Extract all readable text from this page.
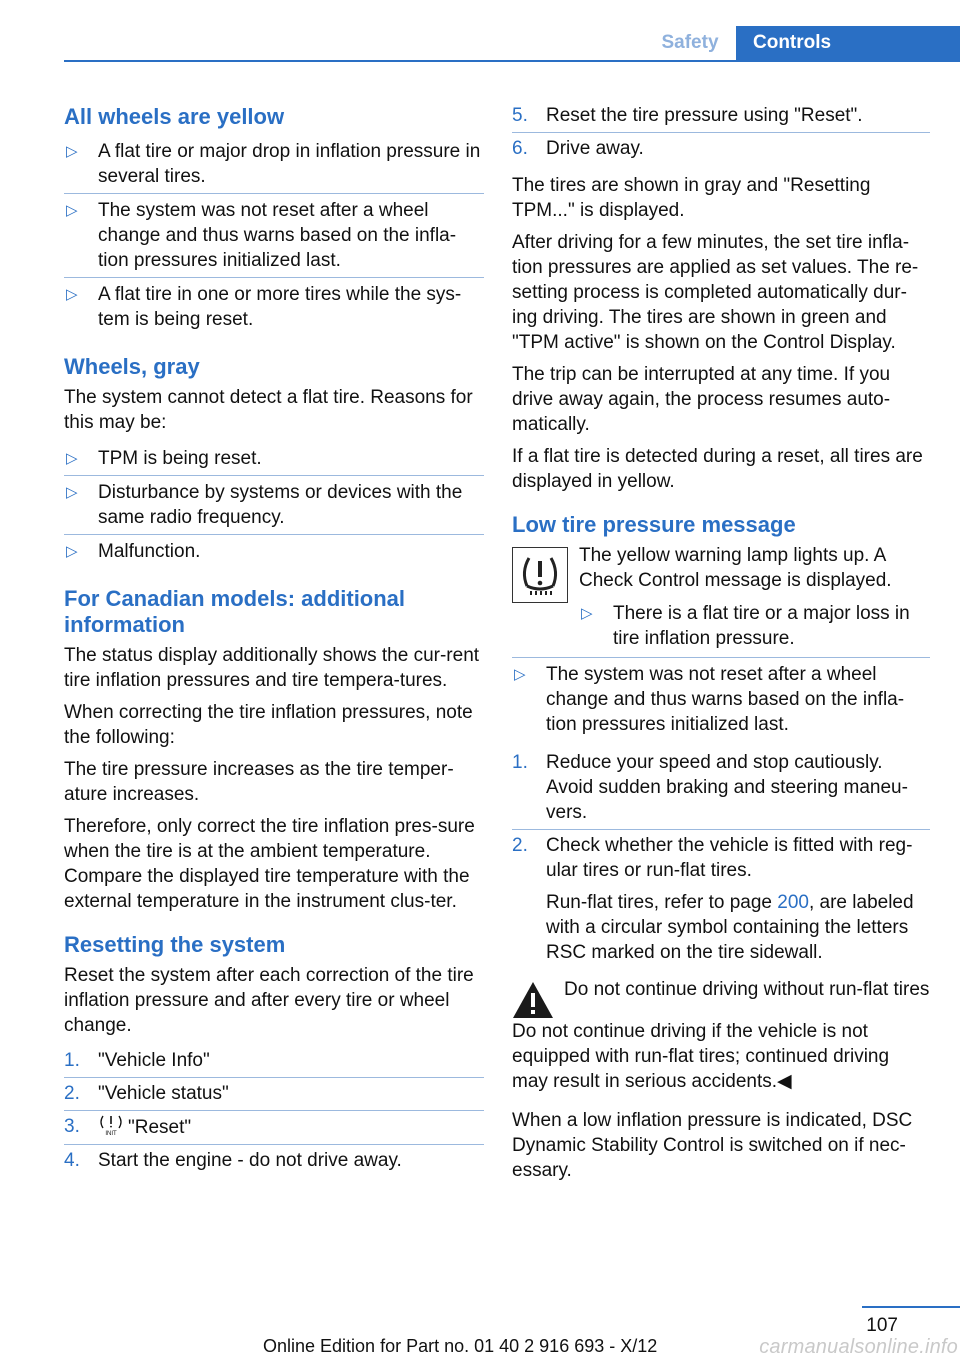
Safety	Controls
All wheels are yellow
▷	A flat tire or major drop in inflation pressure in several tires.
▷	The system was not reset after a wheel change and thus warns based on the infla‐tion pressures initialized last.
▷	A flat tire in one or more tires while the sys‐tem is being reset.
Wheels, gray

The system cannot detect a flat tire. Reasons for this may be:

▷	TPM is being reset.
▷	Disturbance by systems or devices with the same radio frequency.
▷	Malfunction.
For Canadian models: additional information

The status display additionally shows the cur‐rent tire inflation pressures and tire tempera‐tures.

When correcting the tire inflation pressures, note the following:

The tire pressure increases as the tire temper‐ature increases.

Therefore, only correct the tire inflation pres‐sure when the tire is at the ambient temperature. Compare the displayed tire temperature with the external temperature in the instrument clus‐ter.

Resetting the system

Reset the system after each correction of the tire inflation pressure and after every tire or wheel change.

1. "Vehicle Info"
2. "Vehicle status"
3.	INIT "Reset"
4. Start the engine - do not drive away.
5. Reset the tire pressure using "Reset".
6. Drive away.

The tires are shown in gray and "Resetting TPM..." is displayed.

After driving for a few minutes, the set tire infla‐tion pressures are applied as set values. The re‐setting process is completed automatically dur‐ing driving. The tires are shown in green and "TPM active" is shown on the Control Display.

The trip can be interrupted at any time. If you drive away again, the process resumes auto‐matically.

If a flat tire is detected during a reset, all tires are displayed in yellow.

Low tire pressure message

The yellow warning lamp lights up. A Check Control message is displayed.

▷	There is a flat tire or a major loss in tire inflation pressure.
▷	The system was not reset after a wheel change and thus warns based on the infla‐tion pressures initialized last.
1. Reduce your speed and stop cautiously. Avoid sudden braking and steering maneu‐vers.
2. Check whether the vehicle is fitted with reg‐ular tires or run-flat tires.
Run-flat tires, refer to page 200, are labeled with a circular symbol containing the letters RSC marked on the tire sidewall.

Do not continue driving without run-flat tires

Do not continue driving if the vehicle is not equipped with run-flat tires; continued driving may result in serious accidents.◀

When a low inflation pressure is indicated, DSC Dynamic Stability Control is switched on if nec‐essary.

107
Online Edition for Part no. 01 40 2 916 693 - X/12	carmanualsonline.info
